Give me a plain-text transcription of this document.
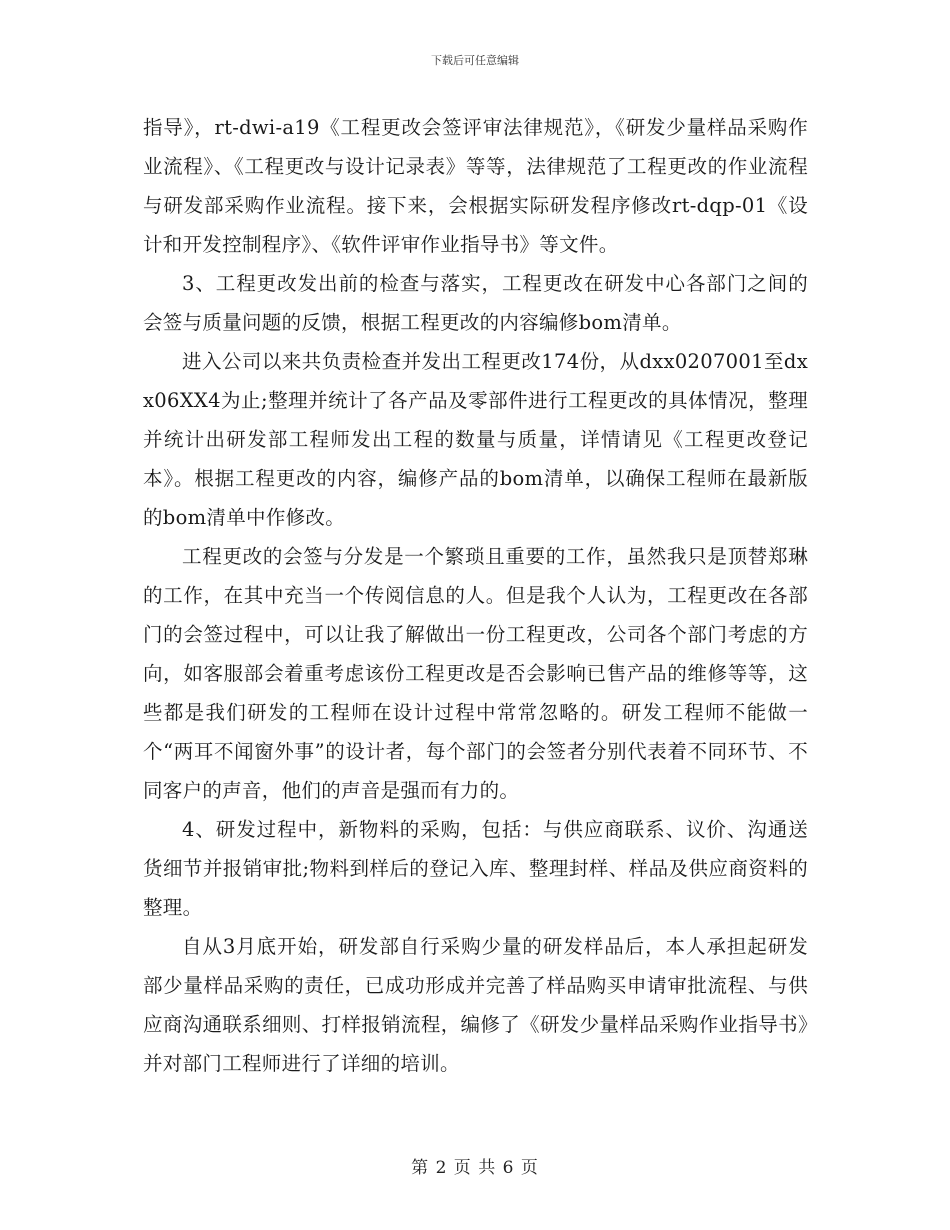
下载后可任意编辑

指导》，rt-dwi-a19《工程更改会签评审法律规范》，《研发少量样品采购作业流程》、《工程更改与设计记录表》等等，法律规范了工程更改的作业流程与研发部采购作业流程。接下来，会根据实际研发程序修改rt-dqp-01《设计和开发控制程序》、《软件评审作业指导书》等文件。

3、工程更改发出前的检查与落实，工程更改在研发中心各部门之间的会签与质量问题的反馈，根据工程更改的内容编修bom清单。

进入公司以来共负责检查并发出工程更改174份，从dxx0207001至dxx06XX4为止;整理并统计了各产品及零部件进行工程更改的具体情况，整理并统计出研发部工程师发出工程的数量与质量，详情请见《工程更改登记本》。根据工程更改的内容，编修产品的bom清单，以确保工程师在最新版的bom清单中作修改。

工程更改的会签与分发是一个繁琐且重要的工作，虽然我只是顶替郑琳的工作，在其中充当一个传阅信息的人。但是我个人认为，工程更改在各部门的会签过程中，可以让我了解做出一份工程更改，公司各个部门考虑的方向，如客服部会着重考虑该份工程更改是否会影响已售产品的维修等等，这些都是我们研发的工程师在设计过程中常常忽略的。研发工程师不能做一个“两耳不闻窗外事”的设计者，每个部门的会签者分别代表着不同环节、不同客户的声音，他们的声音是强而有力的。

4、研发过程中，新物料的采购，包括：与供应商联系、议价、沟通送货细节并报销审批;物料到样后的登记入库、整理封样、样品及供应商资料的整理。

自从3月底开始，研发部自行采购少量的研发样品后，本人承担起研发部少量样品采购的责任，已成功形成并完善了样品购买申请审批流程、与供应商沟通联系细则、打样报销流程，编修了《研发少量样品采购作业指导书》并对部门工程师进行了详细的培训。

第 2 页 共 6 页
